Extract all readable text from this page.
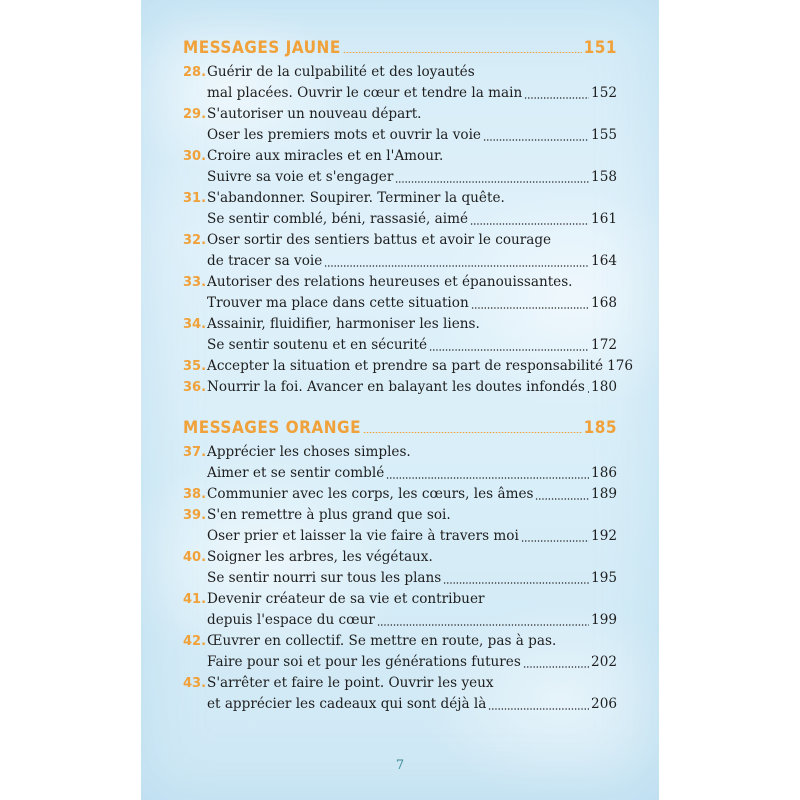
MESSAGES JAUNE	151
28. Guérir de la culpabilité et des loyautés
mal placées. Ouvrir le cœur et tendre la main	152
29. S'autoriser un nouveau départ.
Oser les premiers mots et ouvrir la voie	155
30. Croire aux miracles et en l'Amour.
Suivre sa voie et s'engager	158
31. S'abandonner. Soupirer. Terminer la quête.
Se sentir comblé, béni, rassasié, aimé	161
32. Oser sortir des sentiers battus et avoir le courage
de tracer sa voie	164
33. Autoriser des relations heureuses et épanouissantes.
Trouver ma place dans cette situation	168
34. Assainir, fluidifier, harmoniser les liens.
Se sentir soutenu et en sécurité	172
35. Accepter la situation et prendre sa part de responsabilité 176
36. Nourrir la foi. Avancer en balayant les doutes infondés 180
MESSAGES ORANGE	185
37. Apprécier les choses simples.
Aimer et se sentir comblé	186
38. Communier avec les corps, les cœurs, les âmes	189
39. S'en remettre à plus grand que soi.
Oser prier et laisser la vie faire à travers moi	192
40. Soigner les arbres, les végétaux.
Se sentir nourri sur tous les plans	195
41. Devenir créateur de sa vie et contribuer
depuis l'espace du cœur	199
42. Œuvrer en collectif. Se mettre en route, pas à pas.
Faire pour soi et pour les générations futures	202
43. S'arrêter et faire le point. Ouvrir les yeux
et apprécier les cadeaux qui sont déjà là	206
7
